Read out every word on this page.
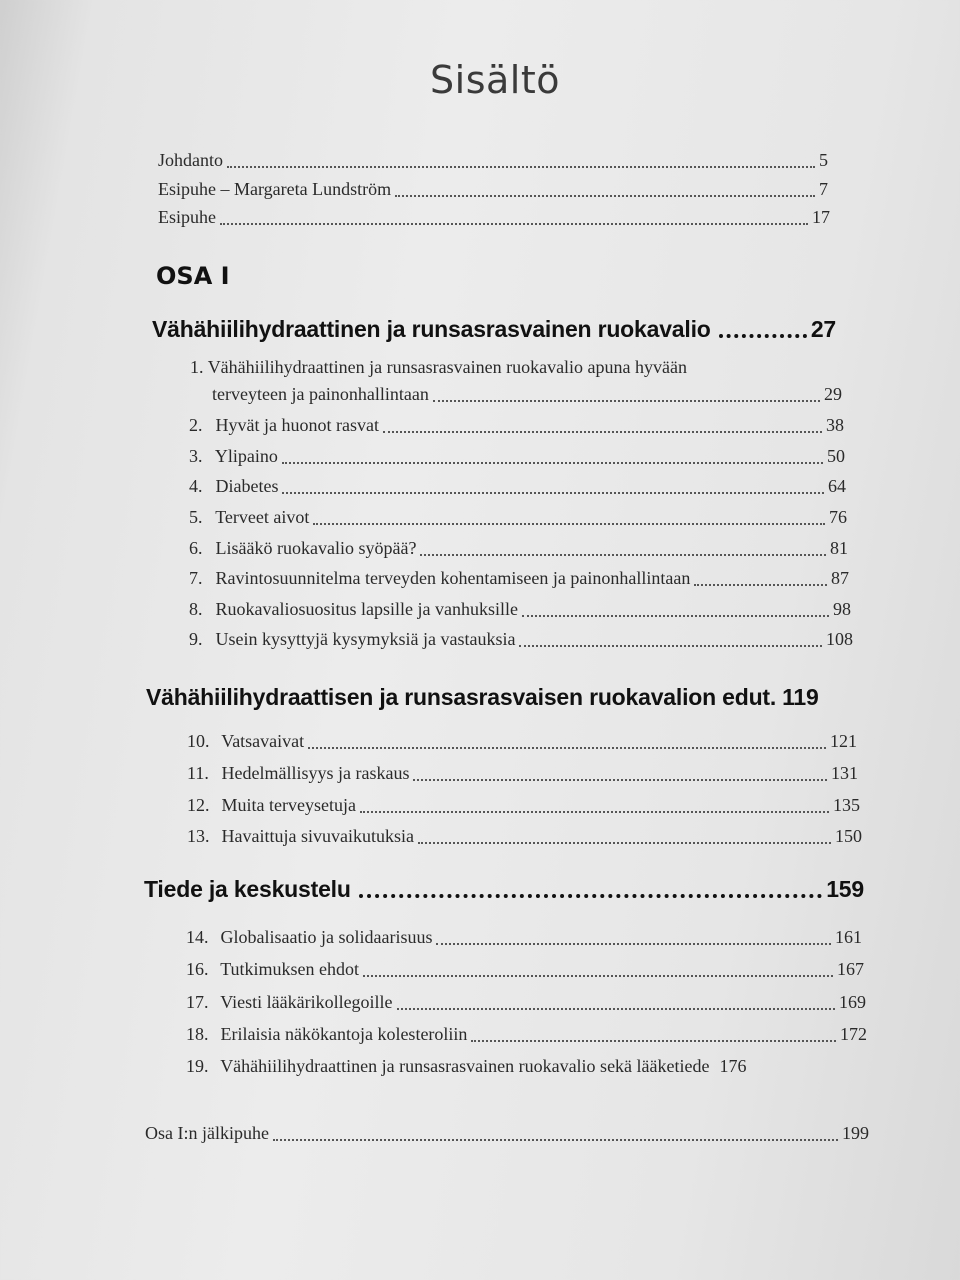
Sisältö
Johdanto	5
Esipuhe – Margareta Lundström	7
Esipuhe	17
OSA I
Vähähiilihydraattinen ja runsasrasvainen ruokavalio	27
1. Vähähiilihydraattinen ja runsasrasvainen ruokavalio apuna hyvään
terveyteen ja painonhallintaan	29
2. Hyvät ja huonot rasvat	38
3. Ylipaino	50
4. Diabetes	64
5. Terveet aivot	76
6. Lisääkö ruokavalio syöpää?	81
7. Ravintosuunnitelma terveyden kohentamiseen ja painonhallintaan	87
8. Ruokavaliosuositus lapsille ja vanhuksille	98
9. Usein kysyttyjä kysymyksiä ja vastauksia	108
Vähähiilihydraattisen ja runsasrasvaisen ruokavalion edut. 119
10. Vatsavaivat	121
11. Hedelmällisyys ja raskaus	131
12. Muita terveysetuja	135
13. Havaittuja sivuvaikutuksia	150
Tiede ja keskustelu	159
14. Globalisaatio ja solidaarisuus	161
16. Tutkimuksen ehdot	167
17. Viesti lääkärikollegoille	169
18. Erilaisia näkökantoja kolesteroliin	172
19. Vähähiilihydraattinen ja runsasrasvainen ruokavalio sekä lääketiede 176
Osa I:n jälkipuhe	199
